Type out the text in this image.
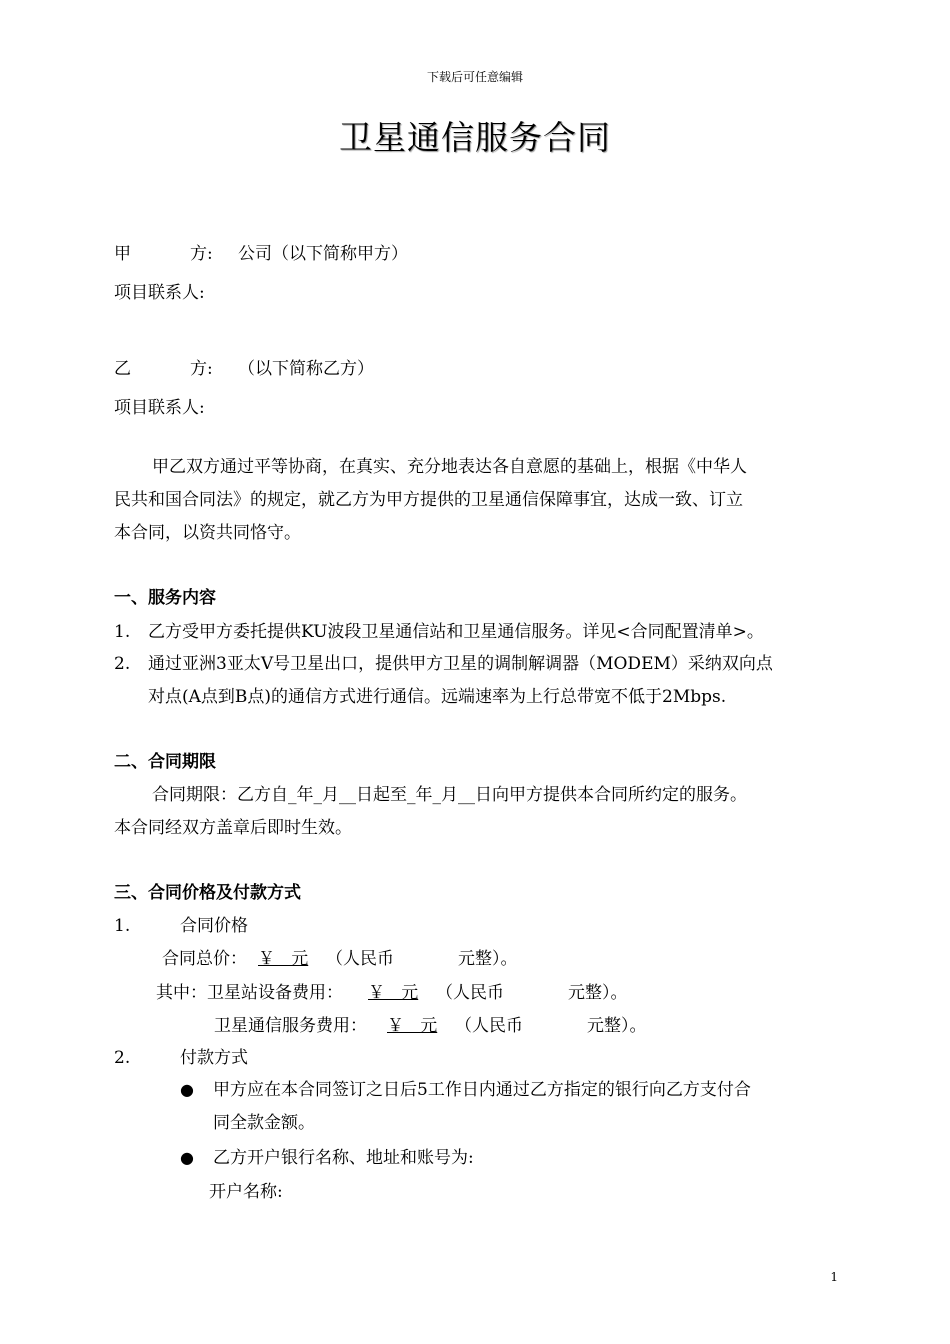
下载后可任意编辑
卫星通信服务合同
甲	方: 公司（以下简称甲方）
项目联系人:
乙	方: （以下简称乙方）
项目联系人:
甲乙双方通过平等协商，在真实、充分地表达各自意愿的基础上，根据《中华人
民共和国合同法》的规定，就乙方为甲方提供的卫星通信保障事宜，达成一致、订立
本合同，以资共同恪守。
一、服务内容
1. 乙方受甲方委托提供KU波段卫星通信站和卫星通信服务。详见<合同配置清单>。
2. 通过亚洲3亚太V号卫星出口，提供甲方卫星的调制解调器（MODEM）采纳双向点
对点(A点到B点)的通信方式进行通信。远端速率为上行总带宽不低于2Mbps.
二、合同期限
合同期限：乙方自_年_月__日起至_年_月__日向甲方提供本合同所约定的服务。
本合同经双方盖章后即时生效。
三、合同价格及付款方式
1.	合同价格
合同总价： ￥   元 （人民币	元整）。
其中：卫星站设备费用： ￥   元 （人民币	元整）。
卫星通信服务费用： ￥   元 （人民币	元整）。
2.	付款方式
● 甲方应在本合同签订之日后5工作日内通过乙方指定的银行向乙方支付合
同全款金额。
● 乙方开户银行名称、地址和账号为:
开户名称:
1
